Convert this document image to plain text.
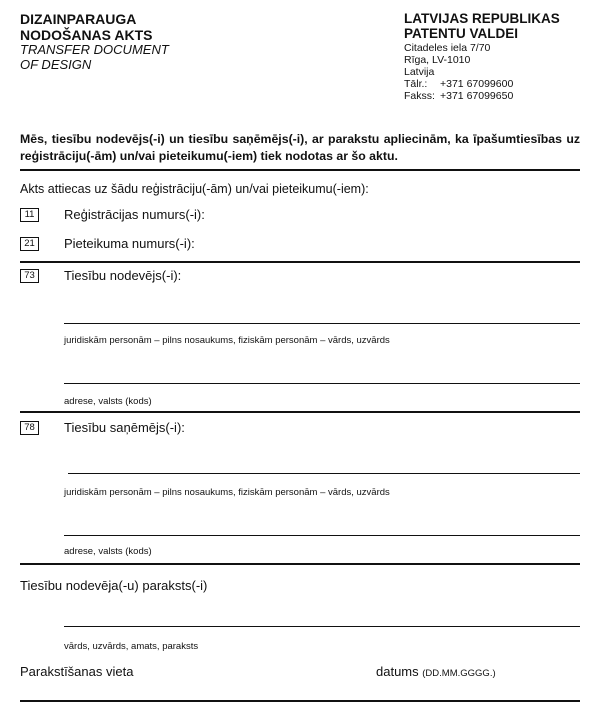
DIZAINPARAUGA
NODOŠANAS AKTS
TRANSFER DOCUMENT
OF DESIGN
LATVIJAS REPUBLIKAS
PATENTU VALDEI
Citadeles iela 7/70
Rīga, LV-1010
Latvija
Tālr.:	+371 67099600
Fakss: +371 67099650
Mēs, tiesību nodevējs(-i) un tiesību saņēmējs(-i), ar parakstu apliecinām, ka īpašumtiesības uz reģistrāciju(-ām) un/vai pieteikumu(-iem) tiek nodotas ar šo aktu.
Akts attiecas uz šādu reģistrāciju(-ām) un/vai pieteikumu(-iem):
11	Reģistrācijas numurs(-i):
21	Pieteikuma numurs(-i):
73	Tiesību nodevējs(-i):
juridiskām personām – pilns nosaukums, fiziskām personām – vārds, uzvārds
adrese, valsts (kods)
78	Tiesību saņēmējs(-i):
juridiskām personām – pilns nosaukums, fiziskām personām – vārds, uzvārds
adrese, valsts (kods)
Tiesību nodevēja(-u) paraksts(-i)
vārds, uzvārds, amats, paraksts
Parakstīšanas vieta	datums (DD.MM.GGGG.)
